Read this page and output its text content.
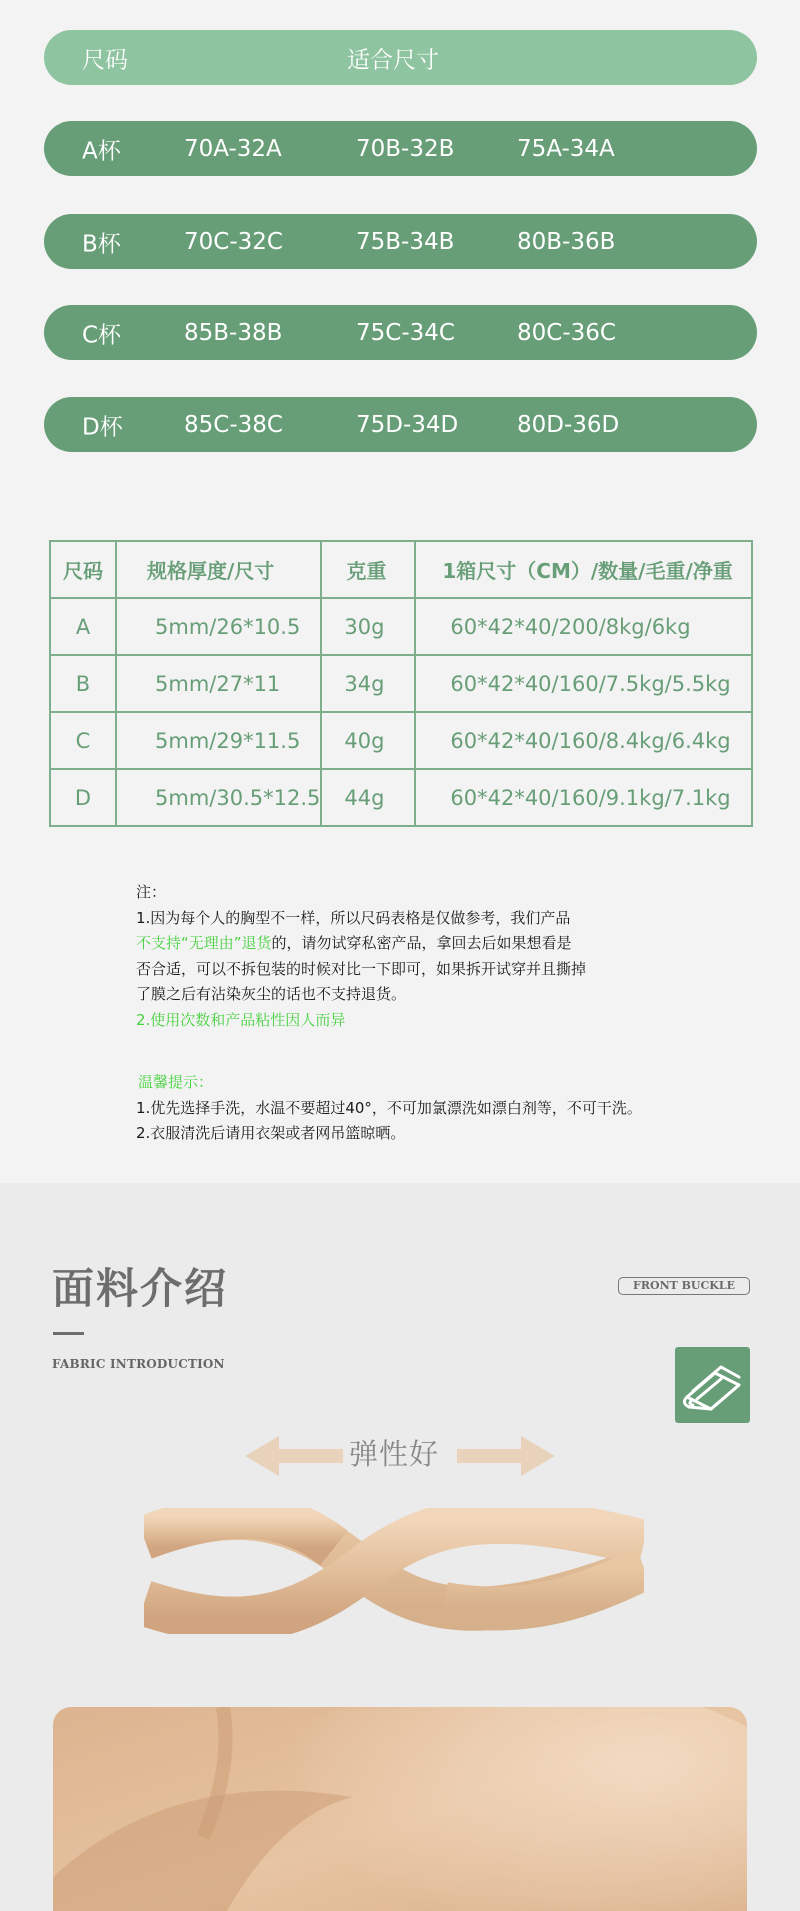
尺码	适合尺寸
A杯	70A-32A	70B-32B	75A-34A
B杯	70C-32C	75B-34B	80B-36B
C杯	85B-38B	75C-34C	80C-36C
D杯	85C-38C	75D-34D	80D-36D
尺码	规格厚度/尺寸	克重	1箱尺寸（CM）/数量/毛重/净重
A	5mm/26*10.5	30g	60*42*40/200/8kg/6kg
B	5mm/27*11	34g	60*42*40/160/7.5kg/5.5kg
C	5mm/29*11.5	40g	60*42*40/160/8.4kg/6.4kg
D	5mm/30.5*12.5	44g	60*42*40/160/9.1kg/7.1kg
注：
1.因为每个人的胸型不一样，所以尺码表格是仅做参考，我们产品
不支持“无理由”退货的，请勿试穿私密产品，拿回去后如果想看是
否合适，可以不拆包装的时候对比一下即可，如果拆开试穿并且撕掉
了膜之后有沾染灰尘的话也不支持退货。
2.使用次数和产品粘性因人而异
温馨提示：
1.优先选择手洗，水温不要超过40°，不可加氯漂洗如漂白剂等，不可干洗。
2.衣服清洗后请用衣架或者网吊篮晾晒。
面料介绍
FABRIC INTRODUCTION
FRONT BUCKLE
弹性好
